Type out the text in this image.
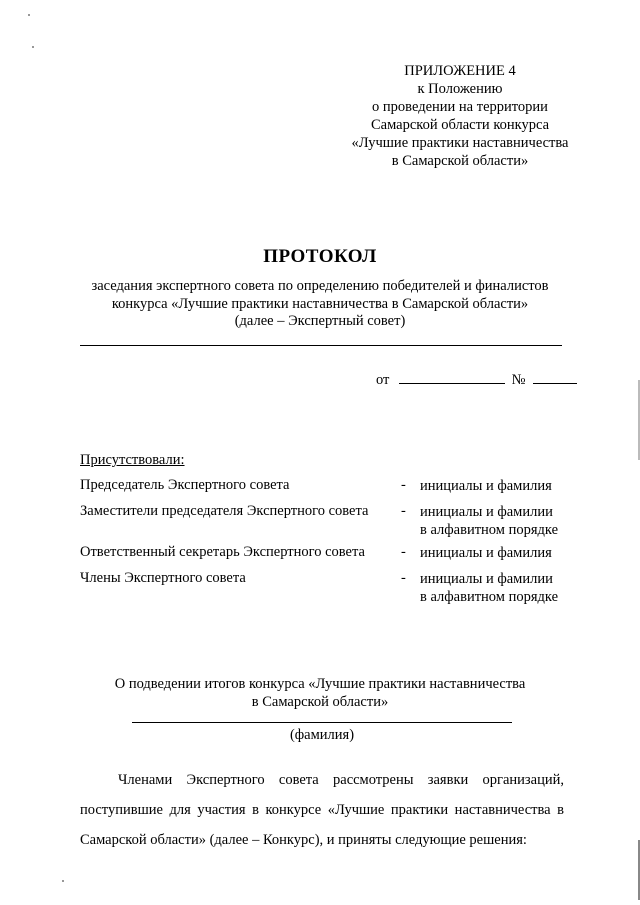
ПРИЛОЖЕНИЕ 4
к Положению
о проведении на территории
Самарской области конкурса
«Лучшие практики наставничества
в Самарской области»
ПРОТОКОЛ
заседания экспертного совета по определению победителей и финалистов
конкурса «Лучшие практики наставничества в Самарской области»
(далее – Экспертный совет)
от	№
Присутствовали:
Председатель Экспертного совета	- инициалы и фамилия
Заместители председателя Экспертного совета - инициалы и фамилии
в алфавитном порядке
Ответственный секретарь Экспертного совета - инициалы и фамилия
Члены Экспертного совета	- инициалы и фамилии
в алфавитном порядке
О подведении итогов конкурса «Лучшие практики наставничества
в Самарской области»
(фамилия)

Членами Экспертного совета рассмотрены заявки организаций, поступившие для участия в конкурсе «Лучшие практики наставничества в Самарской области» (далее – Конкурс), и приняты следующие решения:
